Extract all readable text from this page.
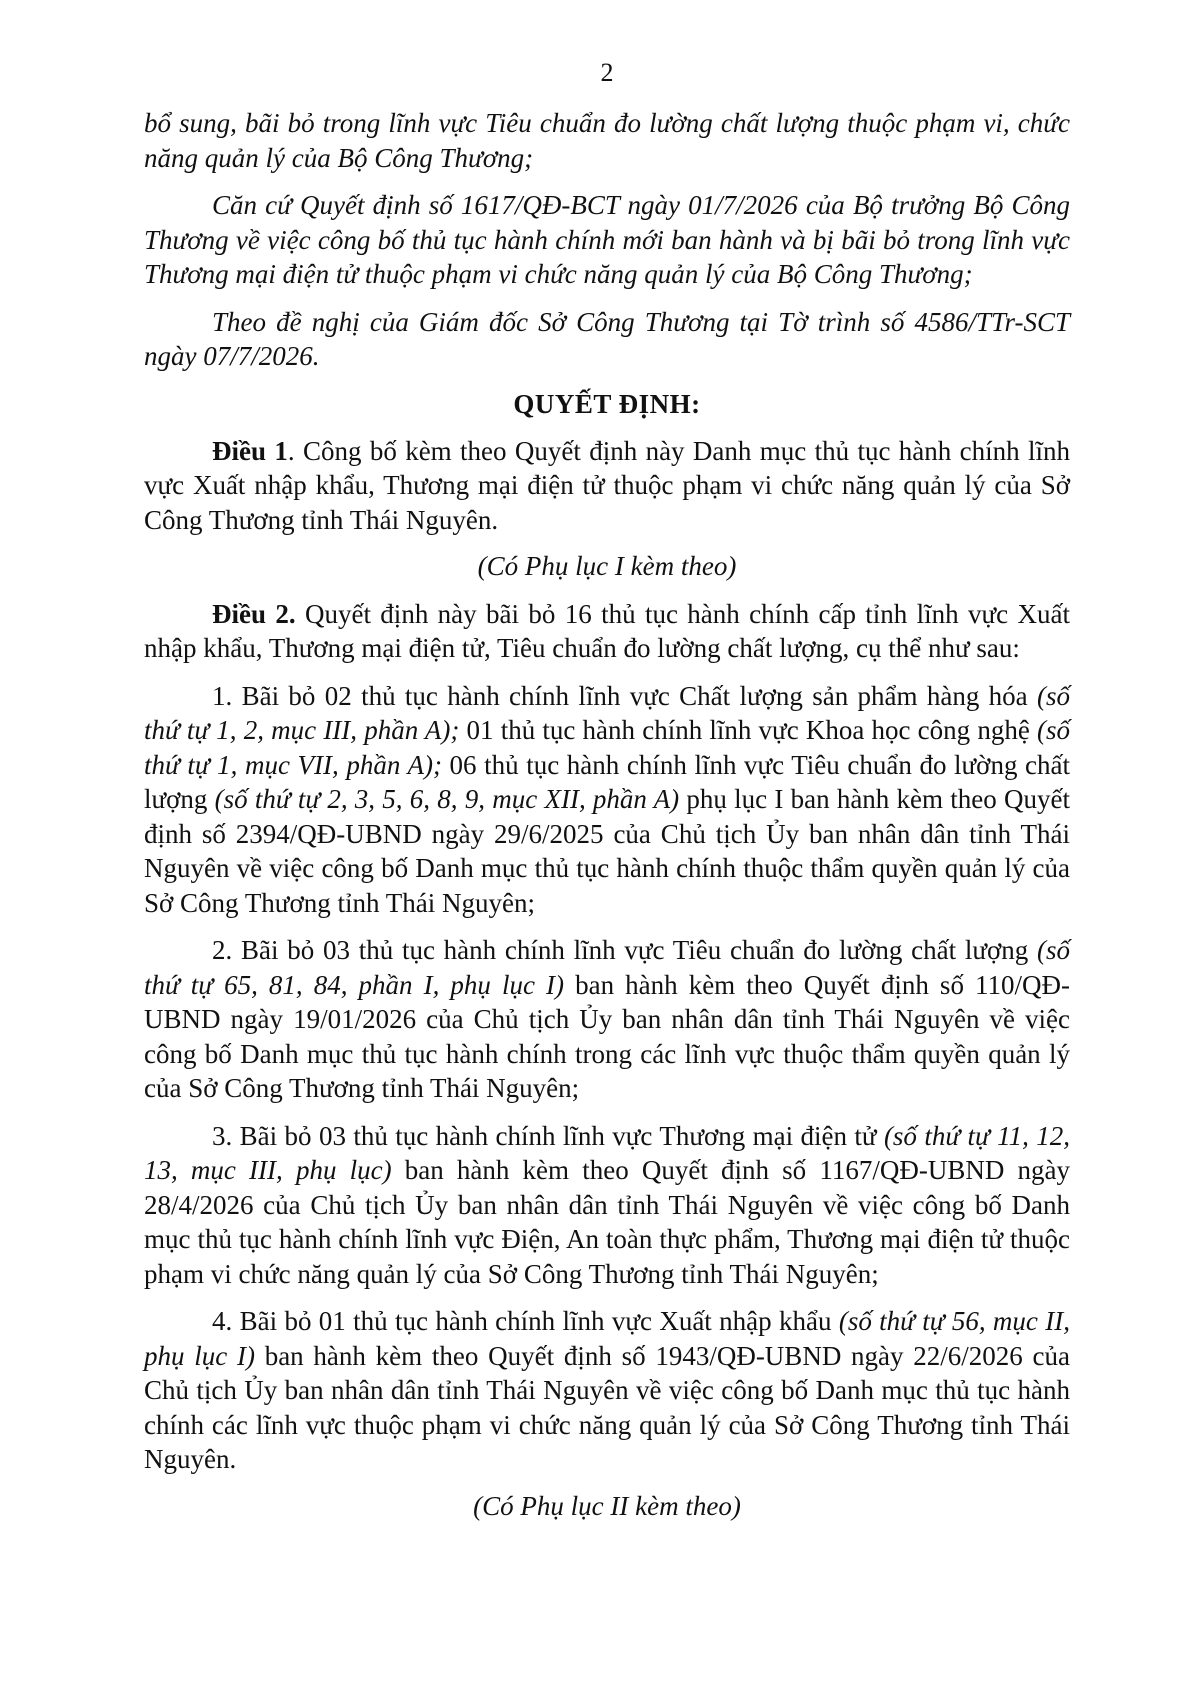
2

bổ sung, bãi bỏ trong lĩnh vực Tiêu chuẩn đo lường chất lượng thuộc phạm vi, chức năng quản lý của Bộ Công Thương;

Căn cứ Quyết định số 1617/QĐ-BCT ngày 01/7/2026 của Bộ trưởng Bộ Công Thương về việc công bố thủ tục hành chính mới ban hành và bị bãi bỏ trong lĩnh vực Thương mại điện tử thuộc phạm vi chức năng quản lý của Bộ Công Thương;

Theo đề nghị của Giám đốc Sở Công Thương tại Tờ trình số 4586/TTr-SCT ngày 07/7/2026.

QUYẾT ĐỊNH:

Điều 1. Công bố kèm theo Quyết định này Danh mục thủ tục hành chính lĩnh vực Xuất nhập khẩu, Thương mại điện tử thuộc phạm vi chức năng quản lý của Sở Công Thương tỉnh Thái Nguyên.

(Có Phụ lục I kèm theo)

Điều 2. Quyết định này bãi bỏ 16 thủ tục hành chính cấp tỉnh lĩnh vực Xuất nhập khẩu, Thương mại điện tử, Tiêu chuẩn đo lường chất lượng, cụ thể như sau:

1. Bãi bỏ 02 thủ tục hành chính lĩnh vực Chất lượng sản phẩm hàng hóa (số thứ tự 1, 2, mục III, phần A); 01 thủ tục hành chính lĩnh vực Khoa học công nghệ (số thứ tự 1, mục VII, phần A); 06 thủ tục hành chính lĩnh vực Tiêu chuẩn đo lường chất lượng (số thứ tự 2, 3, 5, 6, 8, 9, mục XII, phần A) phụ lục I ban hành kèm theo Quyết định số 2394/QĐ-UBND ngày 29/6/2025 của Chủ tịch Ủy ban nhân dân tỉnh Thái Nguyên về việc công bố Danh mục thủ tục hành chính thuộc thẩm quyền quản lý của Sở Công Thương tỉnh Thái Nguyên;

2. Bãi bỏ 03 thủ tục hành chính lĩnh vực Tiêu chuẩn đo lường chất lượng (số thứ tự 65, 81, 84, phần I, phụ lục I) ban hành kèm theo Quyết định số 110/QĐ-UBND ngày 19/01/2026 của Chủ tịch Ủy ban nhân dân tỉnh Thái Nguyên về việc công bố Danh mục thủ tục hành chính trong các lĩnh vực thuộc thẩm quyền quản lý của Sở Công Thương tỉnh Thái Nguyên;

3. Bãi bỏ 03 thủ tục hành chính lĩnh vực Thương mại điện tử (số thứ tự 11, 12, 13, mục III, phụ lục) ban hành kèm theo Quyết định số 1167/QĐ-UBND ngày 28/4/2026 của Chủ tịch Ủy ban nhân dân tỉnh Thái Nguyên về việc công bố Danh mục thủ tục hành chính lĩnh vực Điện, An toàn thực phẩm, Thương mại điện tử thuộc phạm vi chức năng quản lý của Sở Công Thương tỉnh Thái Nguyên;

4. Bãi bỏ 01 thủ tục hành chính lĩnh vực Xuất nhập khẩu (số thứ tự 56, mục II, phụ lục I) ban hành kèm theo Quyết định số 1943/QĐ-UBND ngày 22/6/2026 của Chủ tịch Ủy ban nhân dân tỉnh Thái Nguyên về việc công bố Danh mục thủ tục hành chính các lĩnh vực thuộc phạm vi chức năng quản lý của Sở Công Thương tỉnh Thái Nguyên.

(Có Phụ lục II kèm theo)
